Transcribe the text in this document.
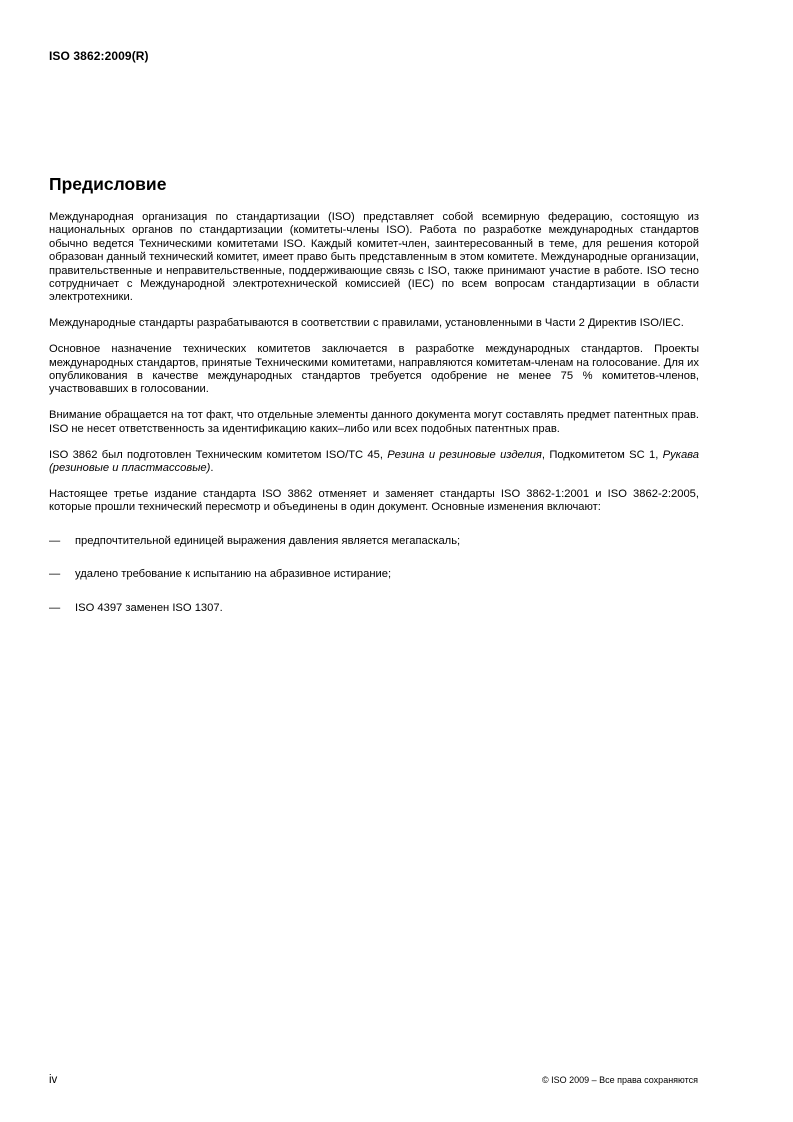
ISO 3862:2009(R)
Предисловие

Международная организация по стандартизации (ISO) представляет собой всемирную федерацию, состоящую из национальных органов по стандартизации (комитеты-члены ISO). Работа по разработке международных стандартов обычно ведется Техническими комитетами ISO. Каждый комитет-член, заинтересованный в теме, для решения которой образован данный технический комитет, имеет право быть представленным в этом комитете. Международные организации, правительственные и неправительственные, поддерживающие связь с ISO, также принимают участие в работе. ISO тесно сотрудничает с Международной электротехнической комиссией (IEC) по всем вопросам стандартизации в области электротехники.

Международные стандарты разрабатываются в соответствии с правилами, установленными в Части 2 Директив ISO/IEC.

Основное назначение технических комитетов заключается в разработке международных стандартов. Проекты международных стандартов, принятые Техническими комитетами, направляются комитетам-членам на голосование. Для их опубликования в качестве международных стандартов требуется одобрение не менее 75 % комитетов-членов, участвовавших в голосовании.

Внимание обращается на тот факт, что отдельные элементы данного документа могут составлять предмет патентных прав. ISO не несет ответственность за идентификацию каких–либо или всех подобных патентных прав.

ISO 3862 был подготовлен Техническим комитетом ISO/TC 45, Резина и резиновые изделия, Подкомитетом SC 1, Рукава (резиновые и пластмассовые).

Настоящее третье издание стандарта ISO 3862 отменяет и заменяет стандарты ISO 3862-1:2001 и ISO 3862-2:2005, которые прошли технический пересмотр и объединены в один документ. Основные изменения включают:

— предпочтительной единицей выражения давления является мегапаскаль;
— удалено требование к испытанию на абразивное истирание;
— ISO 4397 заменен ISO 1307.
iv	© ISO 2009 – Все права сохраняются
